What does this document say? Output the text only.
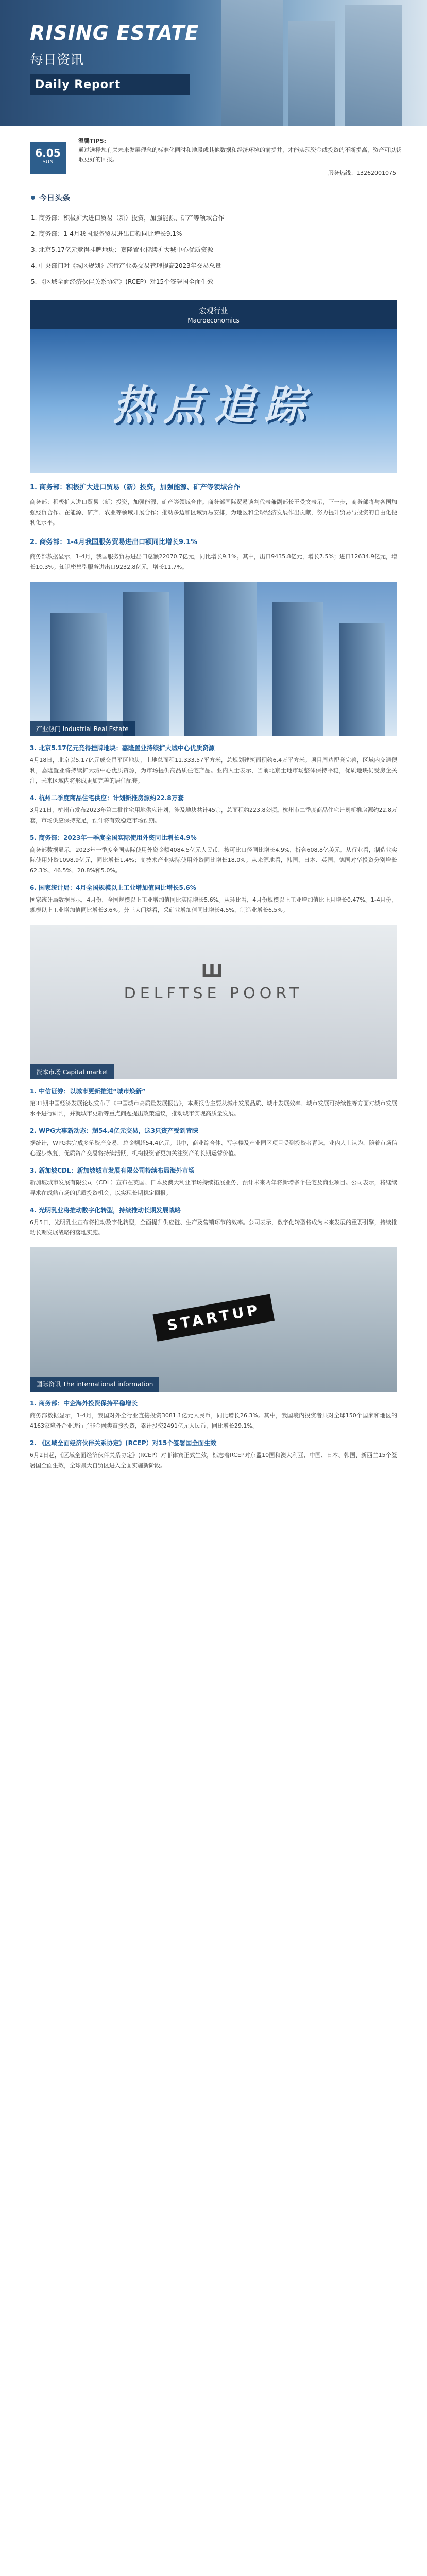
RISING ESTATE
每日资讯
Daily Report
6.05
SUN
温馨TIPS:
通过选择您有关未来发展理念的标准化同时和地段或其他数据和经济环境的前提并，才能实现资金或投资的不断提高，资产可以获取更好的回报。
服务热线：13262001075
今日头条
1. 商务部：积极扩大进口贸易（新）投资，加强能源、矿产等领域合作
2. 商务部：1-4月我国服务贸易进出口额同比增长9.1%
3. 北京5.17亿元竞得挂牌地块：嘉隆置业持续扩大城中心优质资源
4. 中央部门对《城区规划》施行产业类交易管理提高2023年交易总量
5. 《区域全面经济伙伴关系协定》(RCEP）对15个签署国全面生效
宏观行业
Macroeconomics
热点追踪
1. 商务部：积极扩大进口贸易（新）投资，加强能源、矿产等领域合作
商务部：积极扩大进口贸易（新）投资，加强能源、矿产等领域合作。商务部国际贸易谈判代表兼副部长王受文表示，下一步，商务部将与各国加强经贸合作。在能源、矿产、农业等领域开展合作；推动多边和区域贸易安排，为地区和全球经济发展作出贡献，努力提升贸易与投资的自由化便利化水平。
2. 商务部：1-4月我国服务贸易进出口额同比增长9.1%
商务部数据显示，1-4月，我国服务贸易进出口总额22070.7亿元，同比增长9.1%。其中，出口9435.8亿元，增长7.5%；进口12634.9亿元，增长10.3%。知识密集型服务进出口9232.8亿元，增长11.7%。
产业热门 Industrial Real Estate
3. 北京5.17亿元竞得挂牌地块：嘉隆置业持续扩大城中心优质资源
4月18日，北京以5.17亿元成交昌平区地块，土地总面积11,333.57平方米，总规划建筑面积约6.4万平方米。项目周边配套完善，区域内交通便利，嘉隆置业将持续扩大城中心优质资源，为市场提供高品质住宅产品。业内人士表示，当前北京土地市场整体保持平稳，优质地块仍受房企关注，未来区域内将形成更加完善的居住配套。
4. 杭州二季度商品住宅供应：计划新推房源约22.8万套
3月21日，杭州市发布2023年第二批住宅用地供应计划，涉及地块共计45宗，总面积约223.8公顷。杭州市二季度商品住宅计划新推房源约22.8万套，市场供应保持充足，预计将有效稳定市场预期。
5. 商务部：2023年一季度全国实际使用外资同比增长4.9%
商务部数据显示，2023年一季度全国实际使用外资金额4084.5亿元人民币，按可比口径同比增长4.9%，折合608.8亿美元。从行业看，制造业实际使用外资1098.9亿元，同比增长1.4%；高技术产业实际使用外资同比增长18.0%。从来源地看，韩国、日本、英国、德国对华投资分别增长62.3%、46.5%、20.8%和5.0%。
6. 国家统计局：4月全国规模以上工业增加值同比增长5.6%
国家统计局数据显示，4月份，全国规模以上工业增加值同比实际增长5.6%。从环比看，4月份规模以上工业增加值比上月增长0.47%。1-4月份，规模以上工业增加值同比增长3.6%。分三大门类看，采矿业增加值同比增长4.5%，制造业增长6.5%。
Ш
DELFTSE POORT
资本市场 Capital market
1. 中信证券：以城市更新推进“城市焕新”
第31期中国经济发展论坛发布了《中国城市高质量发展报告》，本期报告主要从城市发展品质、城市发展效率、城市发展可持续性等方面对城市发展水平进行研判，并就城市更新等重点问题提出政策建议，推动城市实现高质量发展。
2. WPG大事新动态：超54.4亿元交易，这3只资产受到青睐
据统计，WPG共完成多笔资产交易，总金额超54.4亿元。其中，商业综合体、写字楼及产业园区项目受到投资者青睐。业内人士认为，随着市场信心逐步恢复，优质资产交易将持续活跃，机构投资者更加关注资产的长期运营价值。
3. 新加坡CDL：新加坡城市发展有限公司持续布局海外市场
新加坡城市发展有限公司（CDL）宣布在英国、日本及澳大利亚市场持续拓展业务，预计未来两年将新增多个住宅及商业项目。公司表示，将继续寻求在成熟市场的优质投资机会，以实现长期稳定回报。
4. 光明乳业将推动数字化转型，持续推动长期发展战略
6月5日，光明乳业宣布将推动数字化转型，全面提升供应链、生产及营销环节的效率。公司表示，数字化转型将成为未来发展的重要引擎，持续推动长期发展战略的落地实施。
STARTUP
国际资讯 The international information
1. 商务部：中企海外投资保持平稳增长
商务部数据显示，1-4月，我国对外全行业直接投资3081.1亿元人民币，同比增长26.3%。其中，我国境内投资者共对全球150个国家和地区的4163家境外企业进行了非金融类直接投资，累计投资2491亿元人民币，同比增长29.1%。
2. 《区域全面经济伙伴关系协定》(RCEP）对15个签署国全面生效
6月2日起，《区域全面经济伙伴关系协定》(RCEP）对菲律宾正式生效，标志着RCEP对东盟10国和澳大利亚、中国、日本、韩国、新西兰15个签署国全面生效，全球最大自贸区进入全面实施新阶段。
